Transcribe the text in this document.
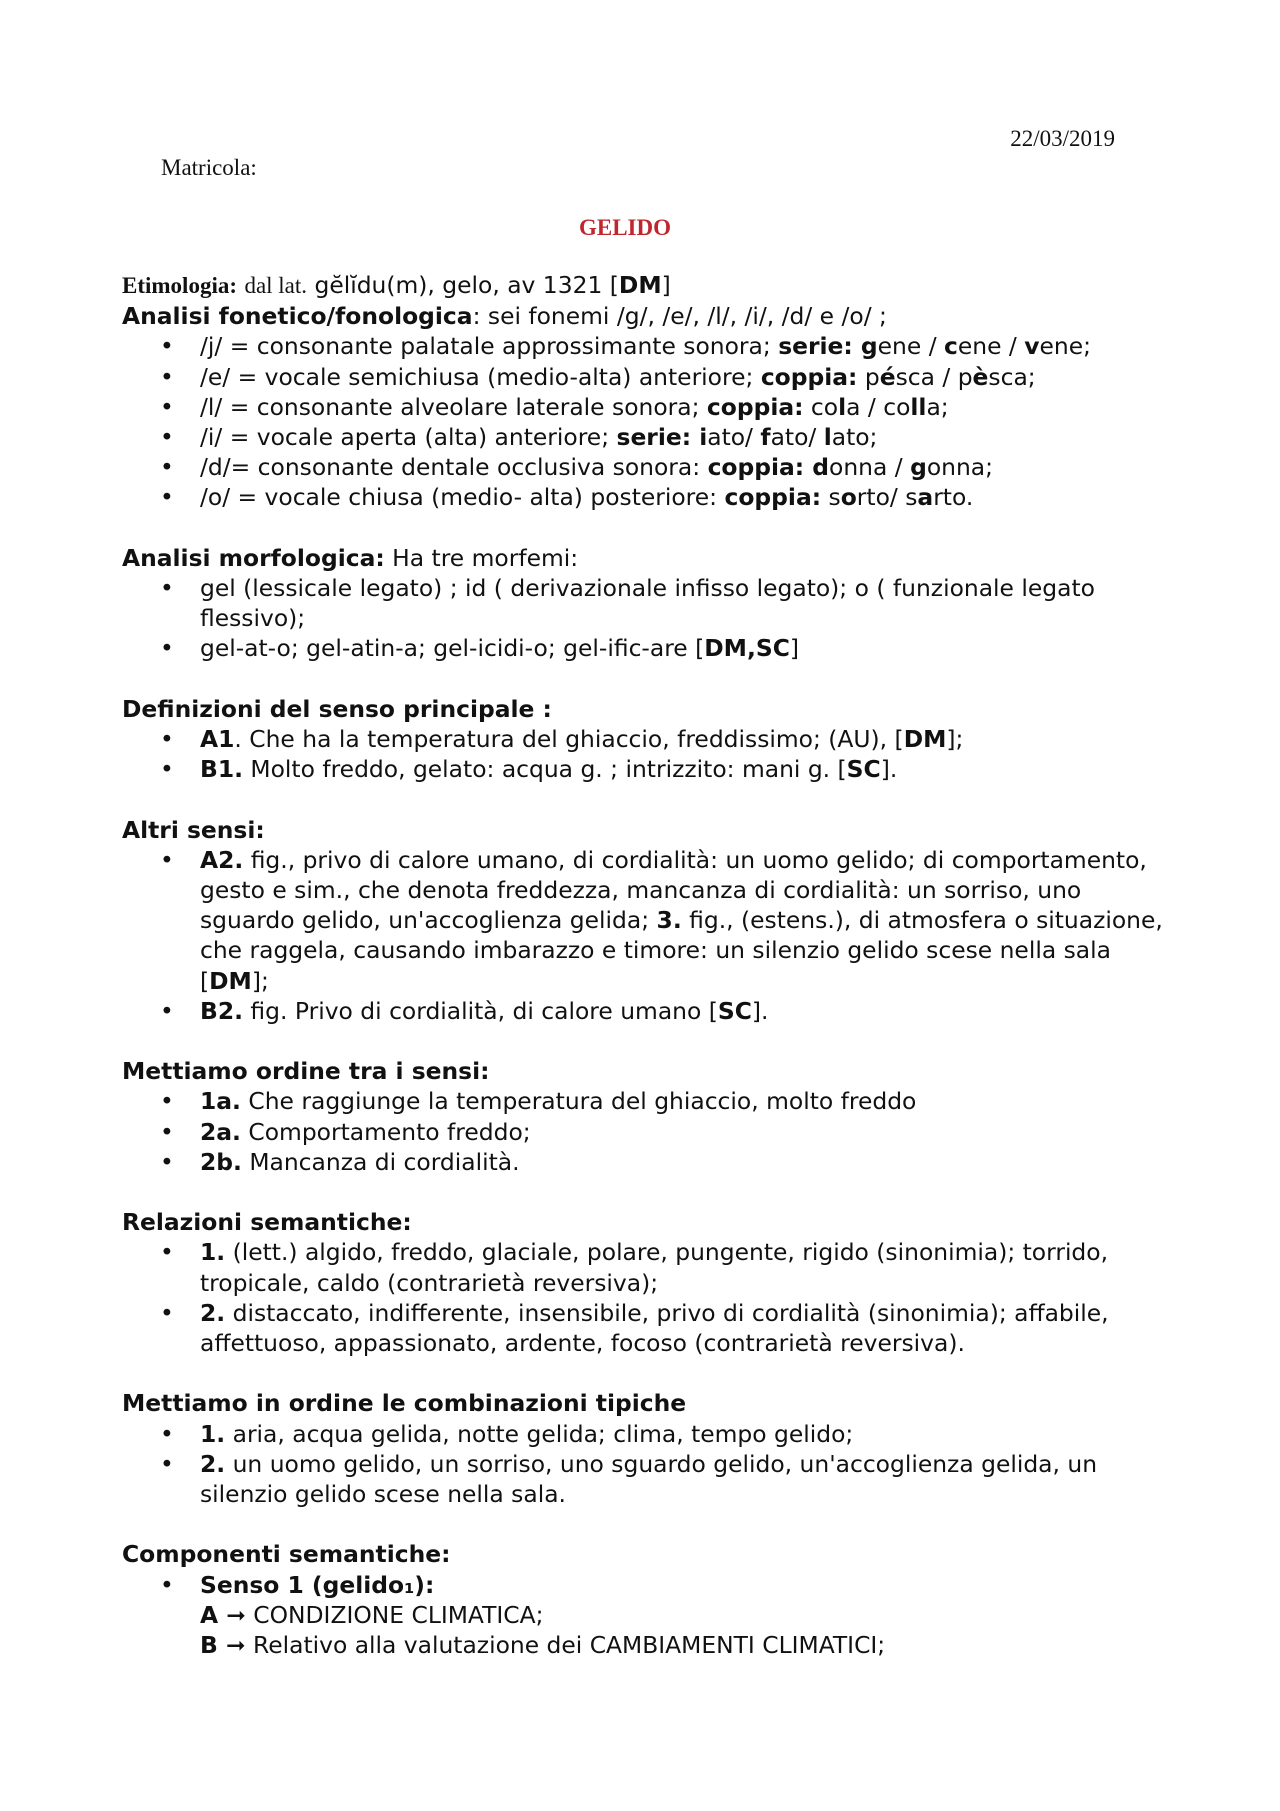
22/03/2019
Matricola:
GELIDO

Etimologia: dal lat. gĕlĭdu(m), gelo, av 1321 [DM]

Analisi fonetico/fonologica: sei fonemi /g/, /e/, /l/, /i/, /d/ e /o/ ;

• /j/ = consonante palatale approssimante sonora; serie: gene / cene / vene;
• /e/ = vocale semichiusa (medio-alta) anteriore; coppia: pésca / pèsca;
• /l/ = consonante alveolare laterale sonora; coppia: cola / colla;
• /i/ = vocale aperta (alta) anteriore; serie: iato/ fato/ lato;
• /d/= consonante dentale occlusiva sonora: coppia: donna / gonna;
• /o/ = vocale chiusa (medio- alta) posteriore: coppia: sorto/ sarto.

Analisi morfologica: Ha tre morfemi:

• gel (lessicale legato) ; id ( derivazionale infisso legato); o ( funzionale legato flessivo);
• gel-at-o; gel-atin-a; gel-icidi-o; gel-ific-are [DM,SC]

Definizioni del senso principale :

• A1. Che ha la temperatura del ghiaccio, freddissimo; (AU), [DM];
• B1. Molto freddo, gelato: acqua g. ; intrizzito: mani g. [SC].

Altri sensi:

• A2. fig., privo di calore umano, di cordialità: un uomo gelido; di comportamento, gesto e sim., che denota freddezza, mancanza di cordialità: un sorriso, uno sguardo gelido, un'accoglienza gelida; 3. fig., (estens.), di atmosfera o situazione, che raggela, causando imbarazzo e timore: un silenzio gelido scese nella sala [DM];
• B2. fig. Privo di cordialità, di calore umano [SC].

Mettiamo ordine tra i sensi:

• 1a. Che raggiunge la temperatura del ghiaccio, molto freddo
• 2a. Comportamento freddo;
• 2b. Mancanza di cordialità.

Relazioni semantiche:

• 1. (lett.) algido, freddo, glaciale, polare, pungente, rigido (sinonimia); torrido, tropicale, caldo (contrarietà reversiva);
• 2. distaccato, indifferente, insensibile, privo di cordialità (sinonimia); affabile, affettuoso, appassionato, ardente, focoso (contrarietà reversiva).

Mettiamo in ordine le combinazioni tipiche

• 1. aria, acqua gelida, notte gelida; clima, tempo gelido;
• 2. un uomo gelido, un sorriso, uno sguardo gelido, un'accoglienza gelida, un silenzio gelido scese nella sala.

Componenti semantiche:

• Senso 1 (gelido₁):
A ➞ CONDIZIONE CLIMATICA;
B ➞ Relativo alla valutazione dei CAMBIAMENTI CLIMATICI;
